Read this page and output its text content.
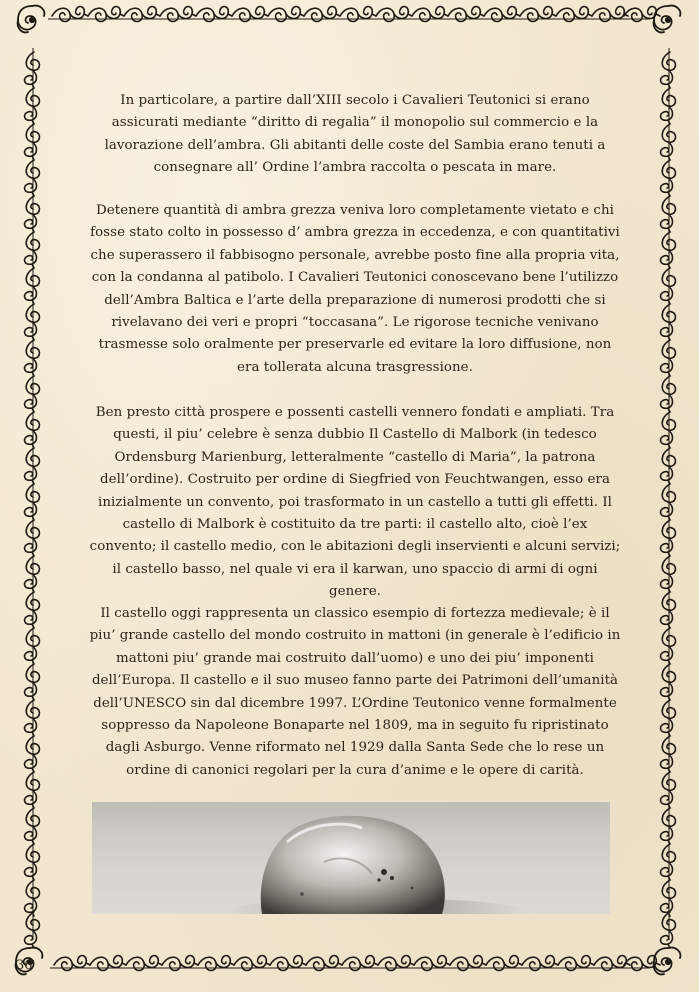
In particolare, a partire dall’XIII secolo i Cavalieri Teutonici si erano assicurati mediante “diritto di regalia” il monopolio sul commercio e la lavorazione dell’ambra. Gli abitanti delle coste del Sambia erano tenuti a consegnare all’ Ordine l’ambra raccolta o pescata in mare.

Detenere quantità di ambra grezza veniva loro completamente vietato e chi fosse stato colto in possesso d’ ambra grezza in eccedenza, e con quantitativi che superassero il fabbisogno personale, avrebbe posto fine alla propria vita, con la condanna al patibolo. I Cavalieri Teutonici conoscevano bene l’utilizzo dell’Ambra Baltica e l’arte della preparazione di numerosi prodotti che si rivelavano dei veri e propri “toccasana”. Le rigorose tecniche venivano trasmesse solo oralmente per preservarle ed evitare la loro diffusione, non era tollerata alcuna trasgressione.

Ben presto città prospere e possenti castelli vennero fondati e ampliati. Tra questi, il piu’ celebre è senza dubbio Il Castello di Malbork (in tedesco Ordensburg Marienburg, letteralmente “castello di Maria”, la patrona dell’ordine). Costruito per ordine di Siegfried von Feuchtwangen, esso era inizialmente un convento, poi trasformato in un castello a tutti gli effetti. Il castello di Malbork è costituito da tre parti: il castello alto, cioè l’ex convento; il castello medio, con le abitazioni degli inservienti e alcuni servizi; il castello basso, nel quale vi era il karwan, uno spaccio di armi di ogni genere.

Il castello oggi rappresenta un classico esempio di fortezza medievale; è il piu’ grande castello del mondo costruito in mattoni (in generale è l’edificio in mattoni piu’ grande mai costruito dall’uomo) e uno dei piu’ imponenti dell’Europa. Il castello e il suo museo fanno parte dei Patrimoni dell’umanità dell’UNESCO sin dal dicembre 1997. L’Ordine Teutonico venne formalmente soppresso da Napoleone Bonaparte nel 1809, ma in seguito fu ripristinato dagli Asburgo. Venne riformato nel 1929 dalla Santa Sede che lo rese un ordine di canonici regolari per la cura d’anime e le opere di carità.

36
